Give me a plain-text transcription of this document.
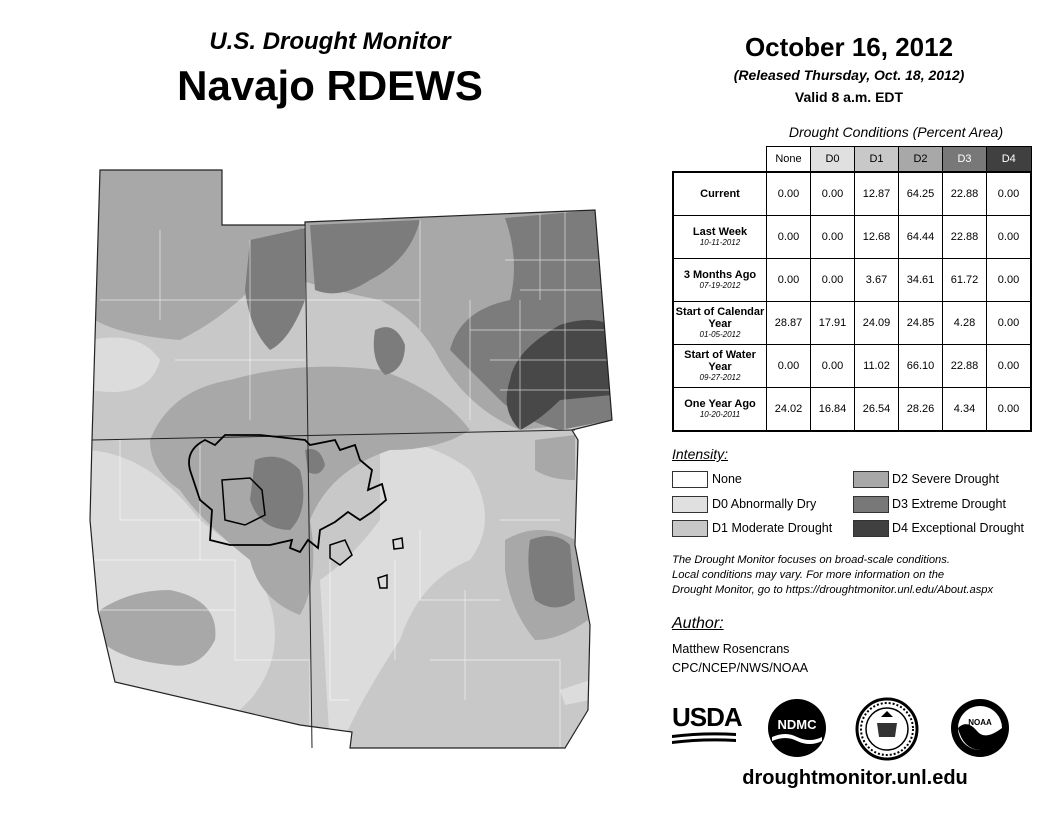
U.S. Drought Monitor
Navajo RDEWS
October 16, 2012
(Released Thursday, Oct. 18, 2012)
Valid 8 a.m. EDT
Drought Conditions (Percent Area)
	None	D0	D1	D2	D3	D4
Current	0.00	0.00	12.87	64.25	22.88	0.00
Last Week
10-11-2012	0.00	0.00	12.68	64.44	22.88	0.00
3 Months Ago
07-19-2012	0.00	0.00	3.67	34.61	61.72	0.00
Start of Calendar Year
01-05-2012	28.87	17.91	24.09	24.85	4.28	0.00
Start of Water Year
09-27-2012	0.00	0.00	11.02	66.10	22.88	0.00
One Year Ago
10-20-2011	24.02	16.84	26.54	28.26	4.34	0.00
Intensity:
None
D0 Abnormally Dry
D1 Moderate Drought
D2 Severe Drought
D3 Extreme Drought
D4 Exceptional Drought
The Drought Monitor focuses on broad-scale conditions.
Local conditions may vary. For more information on the
Drought Monitor, go to https://droughtmonitor.unl.edu/About.aspx
Author:
Matthew Rosencrans
CPC/NCEP/NWS/NOAA
USDA	NDMC	NOAA
droughtmonitor.unl.edu
